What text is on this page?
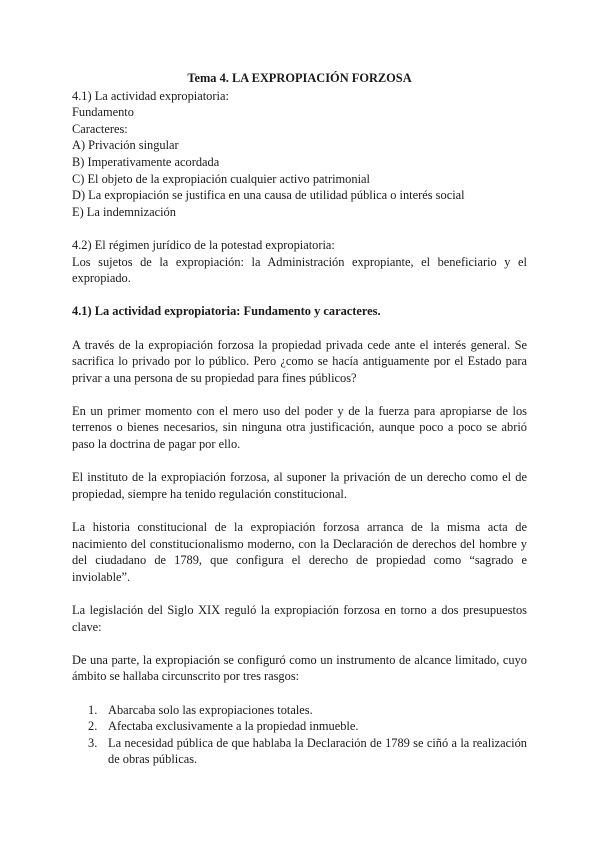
Tema 4. LA EXPROPIACIÓN FORZOSA

4.1) La actividad expropiatoria:

Fundamento

Caracteres:

A) Privación singular

B) Imperativamente acordada

C) El objeto de la expropiación cualquier activo patrimonial

D) La expropiación se justifica en una causa de utilidad pública o interés social

E) La indemnización

4.2) El régimen jurídico de la potestad expropiatoria:

Los sujetos de la expropiación: la Administración expropiante, el beneficiario y el expropiado.

4.1) La actividad expropiatoria: Fundamento y caracteres.

A través de la expropiación forzosa la propiedad privada cede ante el interés general. Se sacrifica lo privado por lo público. Pero ¿como se hacía antiguamente por el Estado para privar a una persona de su propiedad para fines públicos?

En un primer momento con el mero uso del poder y de la fuerza para apropiarse de los terrenos o bienes necesarios, sin ninguna otra justificación, aunque poco a poco se abrió paso la doctrina de pagar por ello.

El instituto de la expropiación forzosa, al suponer la privación de un derecho como el de propiedad, siempre ha tenido regulación constitucional.

La historia constitucional de la expropiación forzosa arranca de la misma acta de nacimiento del constitucionalismo moderno, con la Declaración de derechos del hombre y del ciudadano de 1789, que configura el derecho de propiedad como “sagrado e inviolable”.

La legislación del Siglo XIX reguló la expropiación forzosa en torno a dos presupuestos clave:

De una parte, la expropiación se configuró como un instrumento de alcance limitado, cuyo ámbito se hallaba circunscrito por tres rasgos:

1. Abarcaba solo las expropiaciones totales.
2. Afectaba exclusivamente a la propiedad inmueble.
3. La necesidad pública de que hablaba la Declaración de 1789 se ciñó a la realización de obras públicas.
